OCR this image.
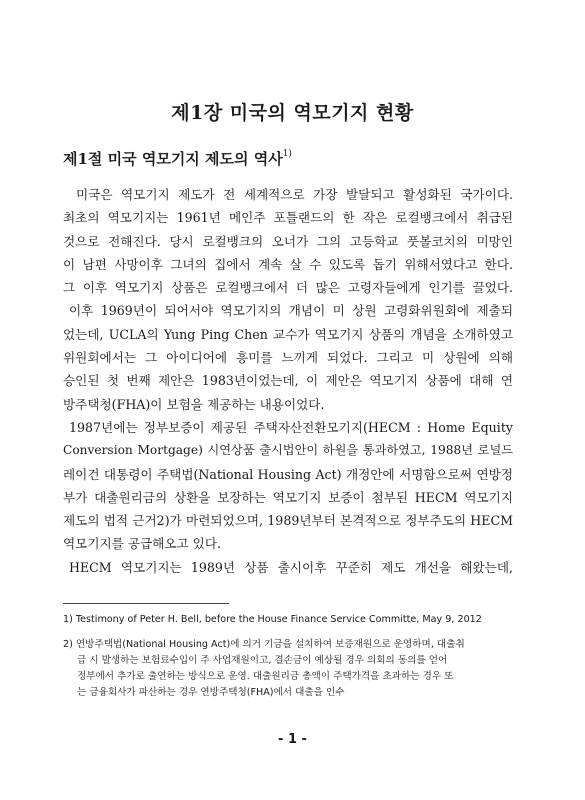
제1장 미국의 역모기지 현황
제1절 미국 역모기지 제도의 역사$^{1)}$
미국은 역모기지 제도가 전 세계적으로 가장 발달되고 활성화된 국가이다.
최초의 역모기지는 1961년 메인주 포틀랜드의 한 작은 로컬뱅크에서 취급된
것으로 전해진다. 당시 로컬뱅크의 오너가 그의 고등학교 풋볼코치의 미망인
이 남편 사망이후 그녀의 집에서 계속 살 수 있도록 돕기 위해서였다고 한다.
그 이후 역모기지 상품은 로컬뱅크에서 더 많은 고령자들에게 인기를 끌었다.
이후 1969년이 되어서야 역모기지의 개념이 미 상원 고령화위원회에 제출되
었는데, UCLA의 Yung Ping Chen 교수가 역모기지 상품의 개념을 소개하였고
위원회에서는 그 아이디어에 흥미를 느끼게 되었다. 그리고 미 상원에 의해
승인된 첫 번째 제안은 1983년이었는데, 이 제안은 역모기지 상품에 대해 연
방주택청(FHA)이 보험을 제공하는 내용이었다.
1987년에는 정부보증이 제공된 주택자산전환모기지(HECM : Home Equity
Conversion Mortgage) 시연상품 출시법안이 하원을 통과하였고, 1988년 로널드
레이건 대통령이 주택법(National Housing Act) 개정안에 서명함으로써 연방정
부가 대출원리금의 상환을 보장하는 역모기지 보증이 첨부된 HECM 역모기지
제도의 법적 근거2)가 마련되었으며, 1989년부터 본격적으로 정부주도의 HECM
역모기지를 공급해오고 있다.
HECM 역모기지는 1989년 상품 출시이후 꾸준히 제도 개선을 해왔는데,
1) Testimony of Peter H. Bell, before the House Finance Service Committe, May 9, 2012
2) 연방주택법(National Housing Act)에 의거 기금을 설치하여 보증재원으로 운영하며, 대출취
급 시 발생하는 보험료수입이 주 사업재원이고, 결손금이 예상될 경우 의회의 동의를 얻어
정부에서 추가로 출연하는 방식으로 운영. 대출원리금 총액이 주택가격을 초과하는 경우 또
는 금융회사가 파산하는 경우 연방주택청(FHA)에서 대출을 인수
- 1 -
